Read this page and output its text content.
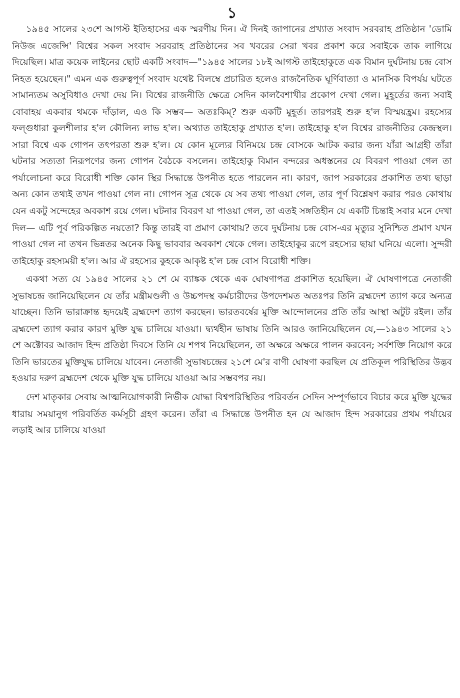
১

১৯৪৫ সালের ২৩শে আগস্ট ইতিহাসের এক স্মরণীয় দিন। ঐ দিনই জাপানের প্রখ্যাত সংবাদ সরবরাহ প্রতিষ্ঠান 'ডোমি নিউজ এজেন্সি' বিশ্বের সকল সংবাদ সরবরাহ প্রতিষ্ঠানের সব খবরের সেরা খবর প্রকাশ করে সবাইকে তাক লাগিয়ে দিয়েছিল। মাত্র কয়েক লাইনের ছোট একটি সংবাদ—"১৯৪৫ সালের ১৮ই আগস্ট তাইহোকুতে এক বিমান দুর্ঘটনায় চন্দ্র বোস নিহত হয়েছেন।" এমন এক গুরুত্বপূর্ণ সংবাদ যথেষ্ট বিলম্বে প্রচারিত হলেও রাজনৈতিক ঘূর্ণিবাত্যা ও মানসিক বিপর্যয় ঘটতে সামান্যতম অসুবিধাও দেখা দেয় নি। বিশ্বের রাজনীতি ক্ষেত্রে সেদিন কালবৈশাখীর প্রকোপ দেখা গেল। মুহূর্তের জন্য সবাই বোবাহয় একবার থমকে দাঁড়াল, এও কি সম্ভব— অতঃকিম্? শুরু একটি মুহূর্ত। তারপরই শুরু হ'ল বিস্ময়হ্রম। রহস্যের ফল্গুধারা কুলশীলার হ'ল কৌলিন্য লাভ হ'ল। অথ্যাত তাইহোকু প্রখ্যাত হ'ল। তাইহোকু হ'ল বিশ্বের রাজনীতির কেন্দ্রস্থল। সারা বিশ্বে এক গোপন তৎপরতা শুরু হ'ল। যে কোন মূল্যের বিনিময়ে চন্দ্র বোসকে আটক করার জন্য যাঁরা আগ্রহী তাঁরা ঘটনার সত্যতা নিরূপণের জন্য গোপন বৈঠকে বসলেন। তাইহোকু বিমান বন্দরের অধস্তনের যে বিবরণ পাওয়া গেল তা পর্যালোচনা করে বিরোধী শক্তি কোন স্থির সিদ্ধান্তে উপনীত হতে পারলেন না। কারণ, জাপ সরকারের প্রকাশিত তথ্য ছাড়া অন্য কোন তথ্যই তখন পাওয়া গেল না। গোপন সূত্র থেকে যে সব তথ্য পাওয়া গেল, তার পূর্ণ বিশ্লেষণ করার পরও কোথায় যেন একটু সন্দেহের অবকাশ রয়ে গেল। ঘটনার বিবরণ যা পাওয়া গেল, তা এতই সঙ্গতিহীন যে একটি চিন্তাই সবার মনে দেখা দিল— এটি পূর্ব পরিকল্পিত নয়তো? কিন্তু তারই বা প্রমাণ কোথায়? তবে দুর্ঘটনায় চন্দ্র বোস-এর মৃত্যুর সুনিশ্চিত প্রমাণ যখন পাওয়া গেল না তখন ভিন্নতর অনেক কিছু ভাববার অবকাশ থেকে গেল। তাইহোকুর রূপে রহস্যের ছায়া ঘনিয়ে এলো। সুন্দরী তাইহোকু রহস্যময়ী হ'ল। আর ঐ রহস্যের কুহকে আকৃষ্ট হ'ল চন্দ্র বোস বিরোধী শক্তি।

একথা সত্য যে ১৯৪৫ সালের ২১ শে মে ব্যাঙ্কক থেকে এক ঘোষণাপত্র প্রকাশিত হয়েছিল। ঐ ঘোষণাপত্রে নেতাজী সুভাষচন্দ্র জানিয়েছিলেন যে তাঁর মন্ত্রীমণ্ডলী ও উচ্চপদস্থ কর্মচারীদের উপদেশমত অতঃপর তিনি ব্রহ্মদেশ ত্যাগ করে অন্যত্র যাচ্ছেন। তিনি ভারাক্রান্ত হৃদয়েই ব্রহ্মদেশ ত্যাগ করছেন। ভারতবর্ষের মুক্তি আন্দোলনের প্রতি তাঁর আস্থা অটুট রইল। তাঁর ব্রহ্মদেশ ত্যাগ করার কারণ মুক্তি যুদ্ধ চালিয়ে যাওয়া। দ্ব্যর্থহীন ভাষায় তিনি আরও জানিয়েছিলেন যে,—১৯৪৩ সালের ২১ শে অক্টোবর আজাদ হিন্দ প্রতিষ্ঠা দিবসে তিনি যে শপথ নিয়েছিলেন, তা অক্ষরে অক্ষরে পালন করবেন; সর্বশক্তি নিয়োগ করে তিনি ভারতের মুক্তিযুদ্ধ চালিয়ে যাবেন। নেতাজী সুভাষচন্দ্রের ২১শে মে'র বাণী ঘোষণা করছিল যে প্রতিকূল পরিস্থিতির উদ্ভব হওয়ার দরুণ ব্রহ্মদেশ থেকে মুক্তি যুদ্ধ চালিয়ে যাওয়া আর সম্ভবপর নয়।

দেশ মাতৃকার সেবায় আত্মনিয়োগকারী নির্ভীক যোদ্ধা বিশ্বপরিস্থিতির পরিবর্তন সেদিন সম্পূর্ণভাবে বিচার করে মুক্তি যুদ্ধের ধারায় সময়ানুগ পরিবর্তিত কর্মসূচী গ্রহণ করেন। তাঁরা এ সিদ্ধান্তে উপনীত হন যে আজাদ হিন্দ সরকারের প্রথম পর্যায়ের লড়াই আর চালিয়ে যাওয়া
